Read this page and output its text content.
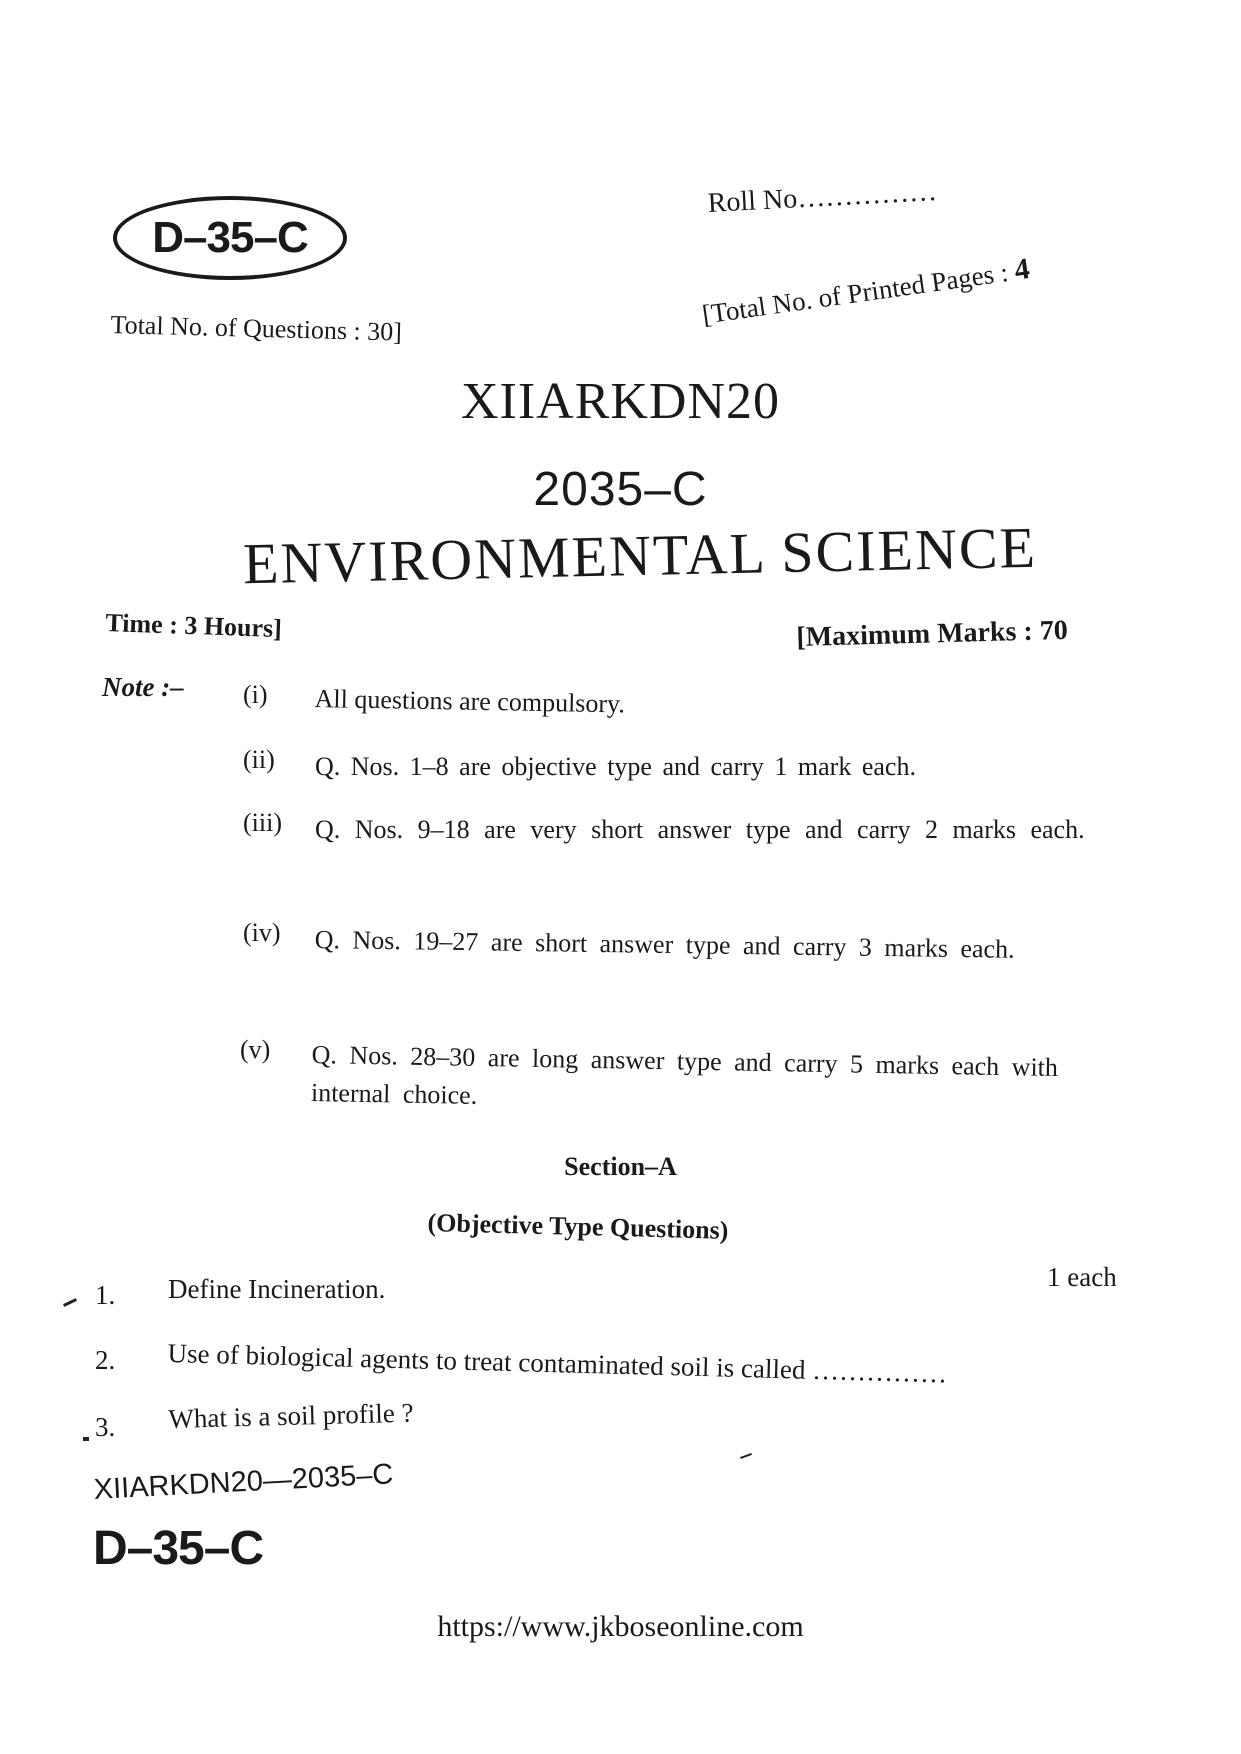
D–35–C
Roll No……………
Total No. of Questions : 30]	[Total No. of Printed Pages : 4
XIIARKDN20
2035–C
ENVIRONMENTAL SCIENCE
Time : 3 Hours]	[Maximum Marks : 70
Note :– (i) All questions are compulsory.
(ii) Q. Nos. 1–8 are objective type and carry 1 mark each.
(iii) Q. Nos. 9–18 are very short answer type and carry 2 marks each.
(iv) Q. Nos. 19–27 are short answer type and carry 3 marks each.
(v) Q. Nos. 28–30 are long answer type and carry 5 marks each with internal choice.
Section–A
(Objective Type Questions)
1 each
1. Define Incineration.
2. Use of biological agents to treat contaminated soil is called ……………
3. What is a soil profile ?
XIIARKDN20—2035–C
D–35–C
https://www.jkboseonline.com
